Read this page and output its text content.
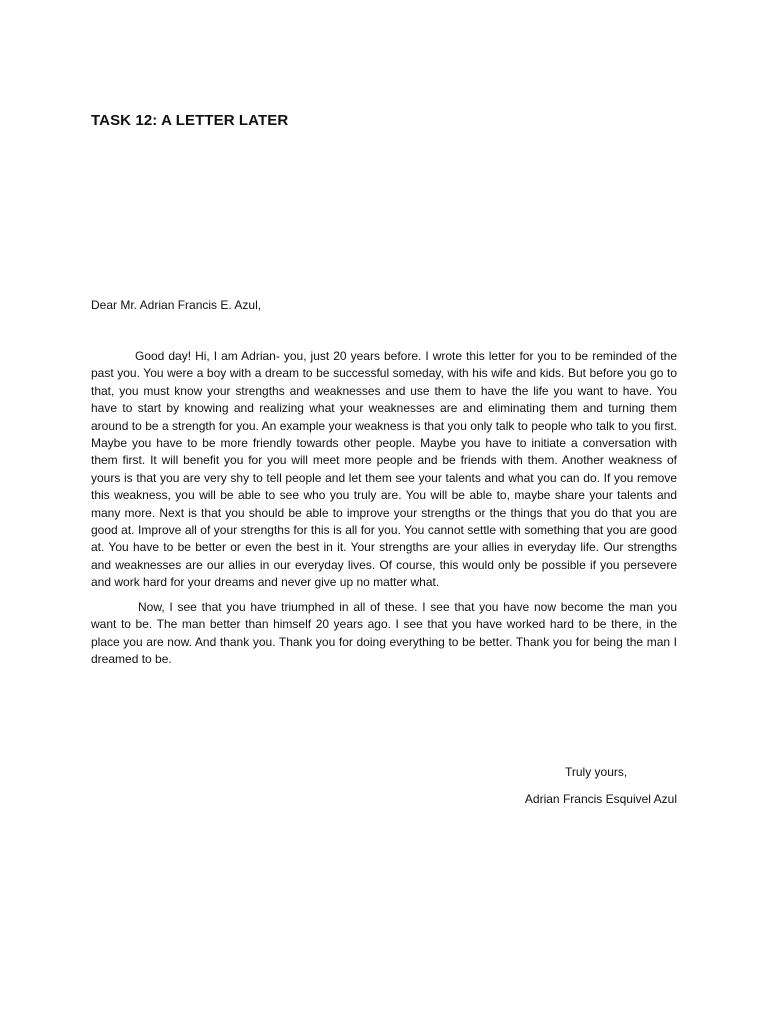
TASK 12: A LETTER LATER

Dear Mr. Adrian Francis E. Azul,

Good day! Hi, I am Adrian- you, just 20 years before. I wrote this letter for you to be reminded of the past you. You were a boy with a dream to be successful someday, with his wife and kids. But before you go to that, you must know your strengths and weaknesses and use them to have the life you want to have. You have to start by knowing and realizing what your weaknesses are and eliminating them and turning them around to be a strength for you. An example your weakness is that you only talk to people who talk to you first. Maybe you have to be more friendly towards other people. Maybe you have to initiate a conversation with them first. It will benefit you for you will meet more people and be friends with them. Another weakness of yours is that you are very shy to tell people and let them see your talents and what you can do. If you remove this weakness, you will be able to see who you truly are. You will be able to, maybe share your talents and many more. Next is that you should be able to improve your strengths or the things that you do that you are good at. Improve all of your strengths for this is all for you. You cannot settle with something that you are good at. You have to be better or even the best in it. Your strengths are your allies in everyday life. Our strengths and weaknesses are our allies in our everyday lives. Of course, this would only be possible if you persevere and work hard for your dreams and never give up no matter what.

Now, I see that you have triumphed in all of these. I see that you have now become the man you want to be. The man better than himself 20 years ago. I see that you have worked hard to be there, in the place you are now. And thank you. Thank you for doing everything to be better. Thank you for being the man I dreamed to be.

Truly yours,

Adrian Francis Esquivel Azul
